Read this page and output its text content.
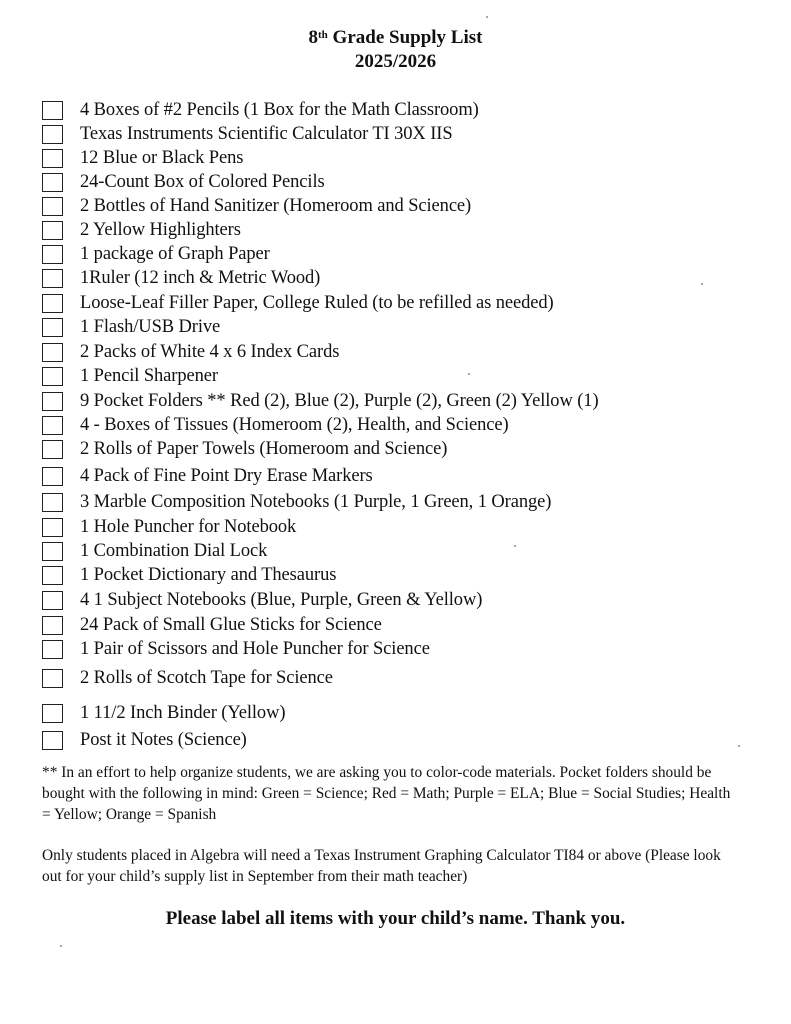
8th Grade Supply List
2025/2026
4 Boxes of #2 Pencils (1 Box for the Math Classroom)
Texas Instruments Scientific Calculator TI 30X IIS
12 Blue or Black Pens
24-Count Box of Colored Pencils
2 Bottles of Hand Sanitizer (Homeroom and Science)
2 Yellow Highlighters
1 package of Graph Paper
1Ruler (12 inch & Metric Wood)
Loose-Leaf Filler Paper, College Ruled (to be refilled as needed)
1 Flash/USB Drive
2 Packs of White 4 x 6 Index Cards
1 Pencil Sharpener
9 Pocket Folders ** Red (2), Blue (2), Purple (2), Green (2) Yellow (1)
4 - Boxes of Tissues (Homeroom (2), Health, and Science)
2 Rolls of Paper Towels (Homeroom and Science)
4 Pack of Fine Point Dry Erase Markers
3 Marble Composition Notebooks (1 Purple, 1 Green, 1 Orange)
1 Hole Puncher for Notebook
1 Combination Dial Lock
1 Pocket Dictionary and Thesaurus
4 1 Subject Notebooks (Blue, Purple, Green & Yellow)
24 Pack of Small Glue Sticks for Science
1 Pair of Scissors and Hole Puncher for Science
2 Rolls of Scotch Tape for Science
1 11/2 Inch Binder (Yellow)
Post it Notes (Science)
** In an effort to help organize students, we are asking you to color-code materials. Pocket folders should be bought with the following in mind: Green = Science; Red = Math; Purple = ELA; Blue = Social Studies; Health = Yellow; Orange = Spanish
Only students placed in Algebra will need a Texas Instrument Graphing Calculator TI84 or above (Please look out for your child’s supply list in September from their math teacher)
Please label all items with your child’s name. Thank you.
